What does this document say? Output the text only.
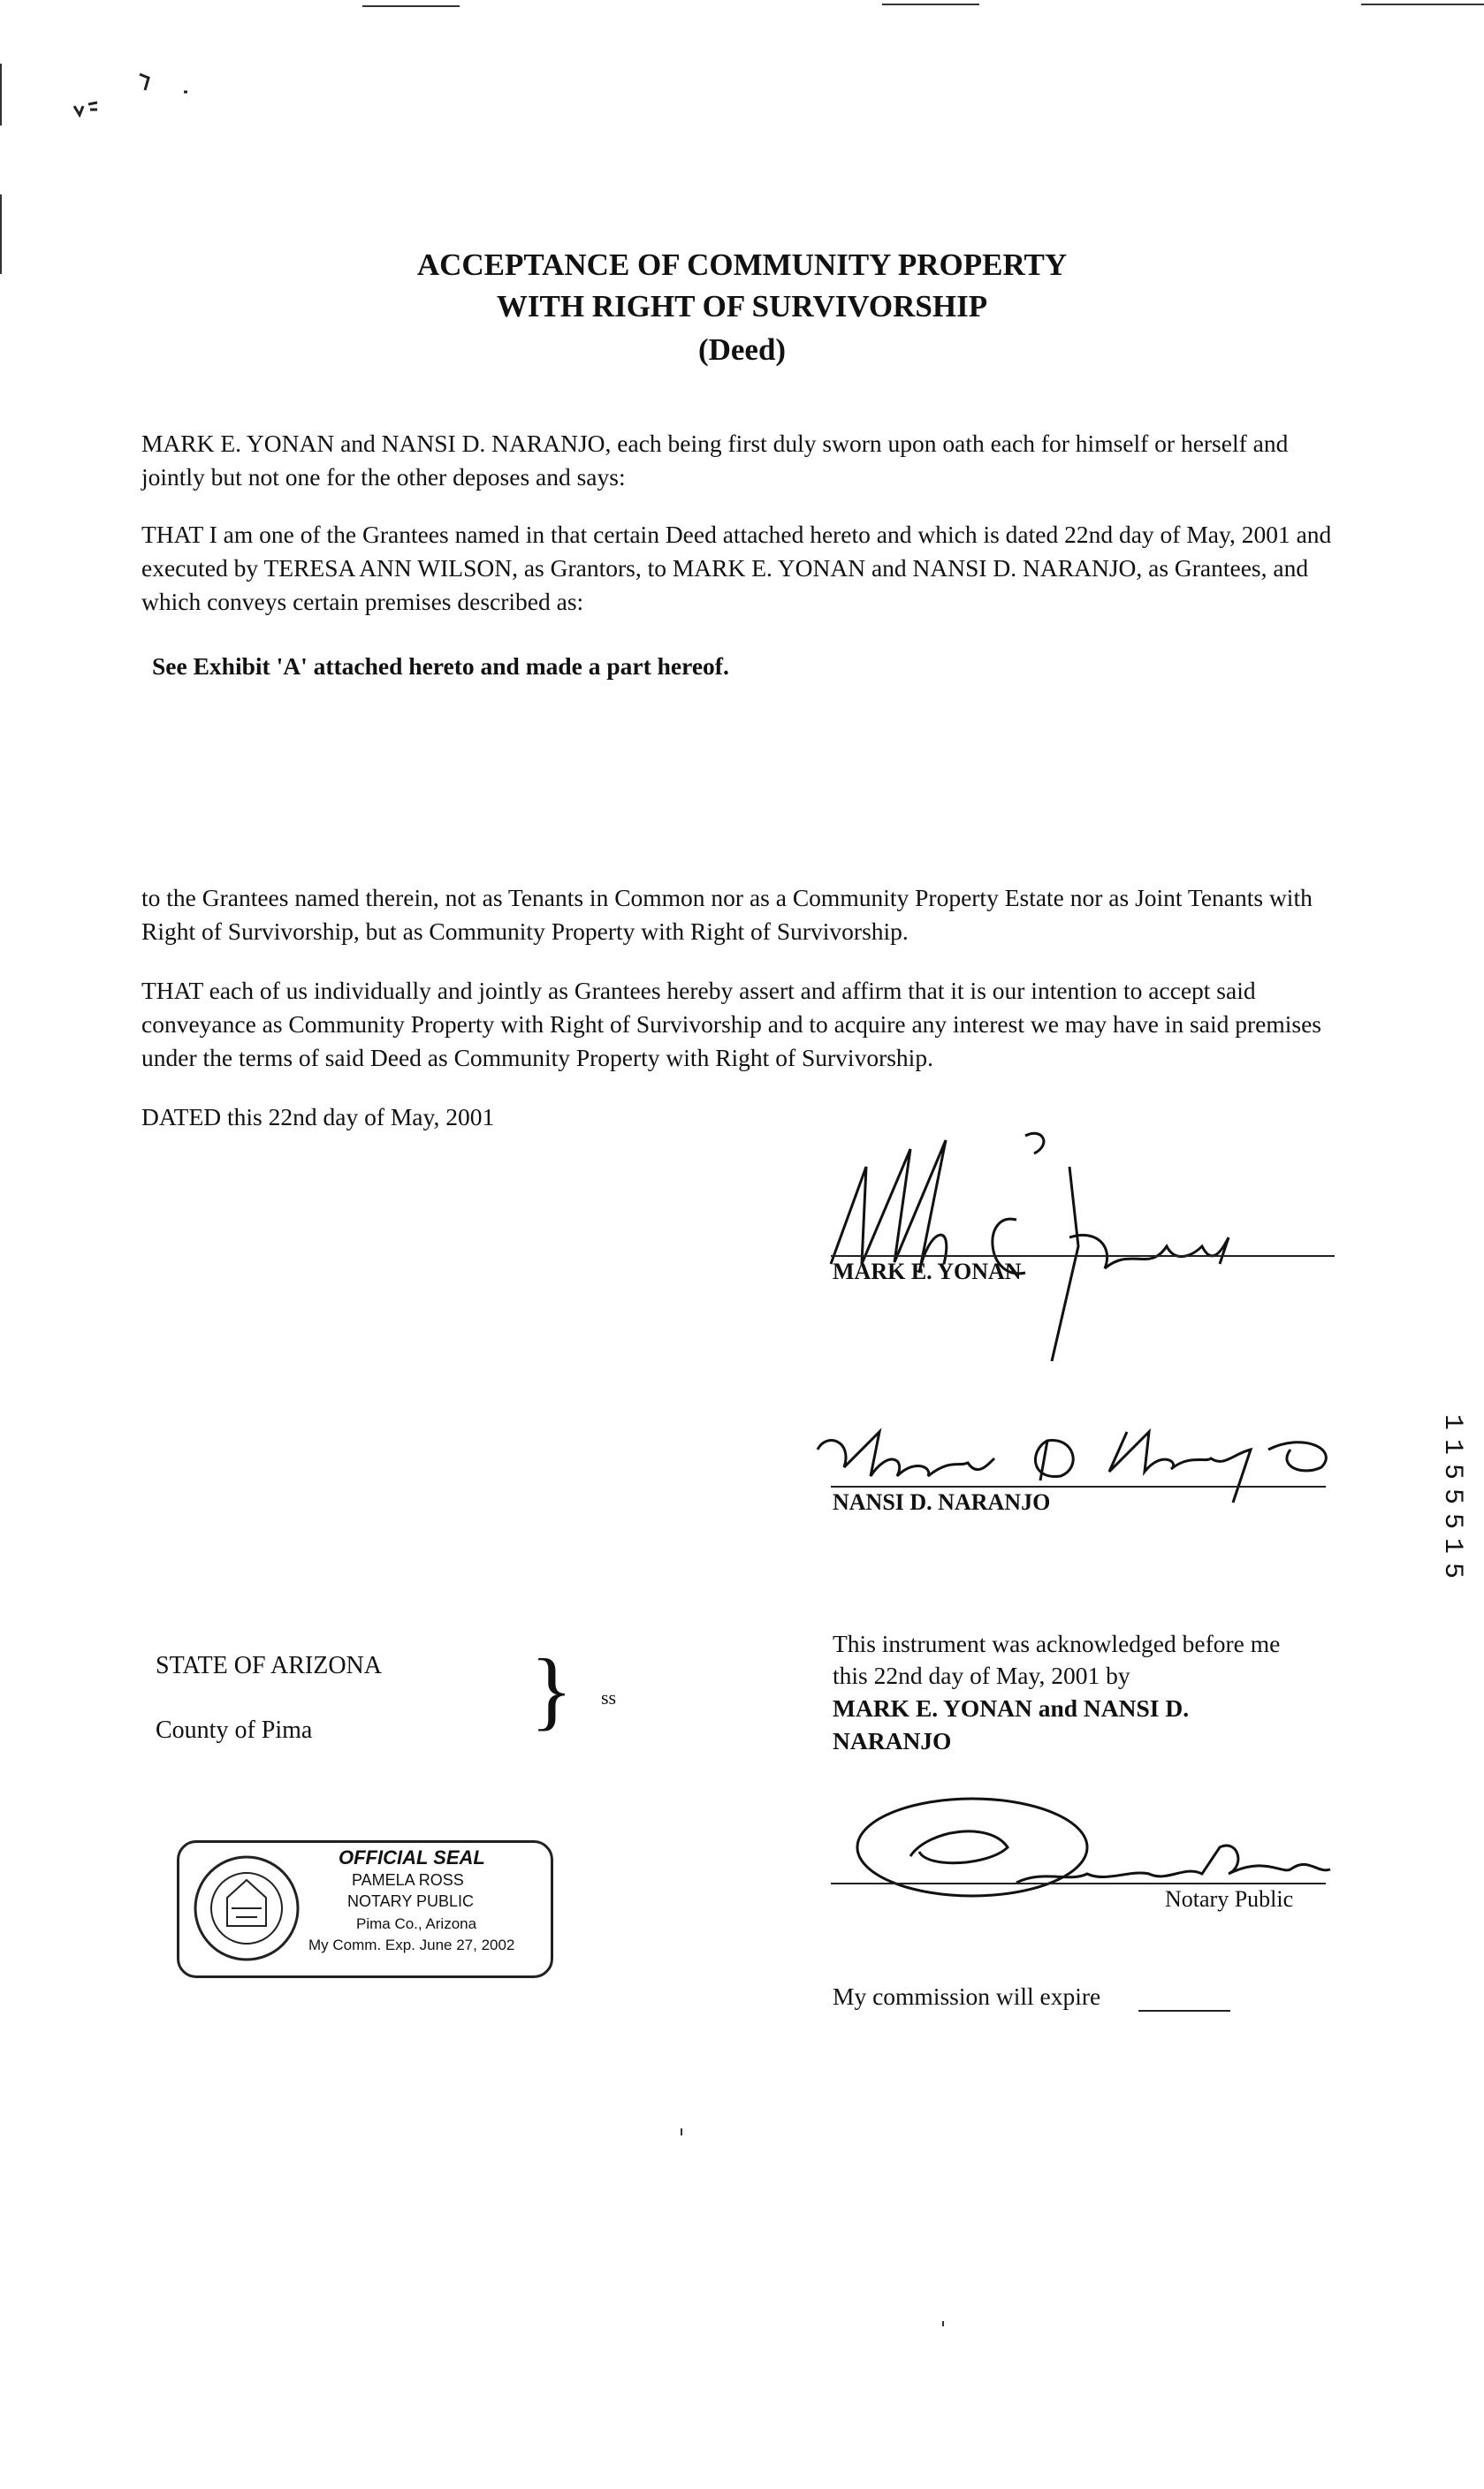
ACCEPTANCE OF COMMUNITY PROPERTY
WITH RIGHT OF SURVIVORSHIP
(Deed)
MARK E. YONAN and NANSI D. NARANJO, each being first duly sworn upon oath each for himself or herself and jointly but not one for the other deposes and says:
THAT I am one of the Grantees named in that certain Deed attached hereto and which is dated 22nd day of May, 2001 and executed by TERESA ANN WILSON, as Grantors, to MARK E. YONAN and NANSI D. NARANJO, as Grantees, and which conveys certain premises described as:
See Exhibit 'A' attached hereto and made a part hereof.
to the Grantees named therein, not as Tenants in Common nor as a Community Property Estate nor as Joint Tenants with Right of Survivorship, but as Community Property with Right of Survivorship.
THAT each of us individually and jointly as Grantees hereby assert and affirm that it is our intention to accept said conveyance as Community Property with Right of Survivorship and to acquire any interest we may have in said premises under the terms of said Deed as Community Property with Right of Survivorship.
DATED this 22nd day of May, 2001
MARK E. YONAN
NANSI D. NARANJO	1155515
STATE OF ARIZONA
County of Pima } ss
This instrument was acknowledged before me
this 22nd day of May, 2001 by
MARK E. YONAN and NANSI D.
NARANJO
OFFICIAL SEAL
PAMELA ROSS
NOTARY PUBLIC
Pima Co., Arizona
My Comm. Exp. June 27, 2002
Notary Public
My commission will expire
